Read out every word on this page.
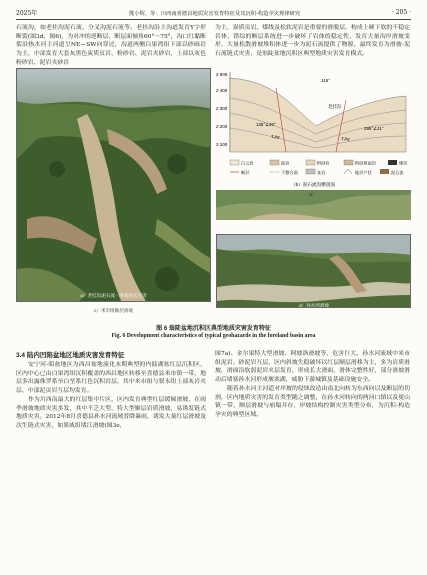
2025年	熊小辉，等：川西南喜德县地质灾害发育特征及其沉积-构造孕灾规律研究	· 205 ·
石流沟，如老挂沟泥石流、分叉沟泥石流等。老挂沟沿主沟道发育Y字形断裂(图3d，图6)，为对冲的逆断层，断层面倾角60°～75°，沟口红黏断裂沿热水河主河道呈NE—SW向穿过，沟道两侧白果湾组下部以砂砾岩为主，中部发育大套灰黑色炭质页岩、粉砂岩、泥岩夹砂岩，上部以灰色粉砂岩、泥岩夹砂岩
为主，炭质页岩、煤线及松软泥岩是重要的滑脱层，构成上硬下软的不稳定岩体，错综的断层系统进一步破坏了岩体的稳定性，发育大量沟岸滑坡变形，大量松散滑坡堆积体进一步为泥石流提供了物源，最终发育为滑坡-泥石流链式灾害，是翁陡盆地沉积区典型地质灾害发育模式。
a）老挂沟泥石流 - 滑坡链式灾害
2 500
2 400
2 300
2 200
2 100
115°
135°∠40°
295°∠31°
T₃bg	T₃bg
老挂沟
白云岩	泥岩	粉砂岩	粉砂质泥岩	煤层
断层	不整合面	灰岩	地层产状	泥石流
（b）泥石流沟横剖面
b）
d）孙水河滑坡
c）米市组顺层滑坡
图 6 翁陡盆地沉积区典型地质灾害发育特征
Fig. 6 Development characteristics of typical geohazards in the foreland basin area
3.4 陆内凹陷盆地区地质灾害发育特征

安宁河-昭盆地区为西昌盆地演化末期典型的内陆湖盆红层沉积区，区内中心已由白果湾组沉积覆盖的西昌地区转移至喜德县米市镇一带，地层多出露侏罗系至白垩系红色沉积岩层，其中米市组与叙永组上部灰岩夹层、中部泥页岩互层均发育。

作为川西南最大的红层集中片区，区内发育典型红层缓倾滑坡，在雨季滑坡地质灾害多发，其中不乏大型、特大型顺层岩质滑坡，易诱发链式地质灾害。2012年8月喜德县孙水河流域普降暴雨，诱发大量红层滑坡及次生链式灾害，如果威组堵江滑坡(图3e，

图7a)、金尔果特大型滑坡、阿坡洛滑坡等，危害巨大。孙水河流域中米市组泥岩、砂泥岩互层，区内斜坡失稳破坏以红层顺层滑移为主，多为岩质滑坡，滑面沿软弱泥岩夹层发育，形成长大滑面，滑体完整性好，部分滑坡滑动后堵塞孙水河形成堰塞湖，威胁下游城镇及基础设施安全。

随着孙水河主河道对岸坡的侵蚀改造由南北向转为东西向以及断层的切割，区内地质灾害的发育类型随之调整，在孙水河转向的两河口镇以及冕山镇一带，顺层滑坡与崩塌并存，岸坡结构控制灾害类型分布，为沉积-构造孕灾的典型区域。
